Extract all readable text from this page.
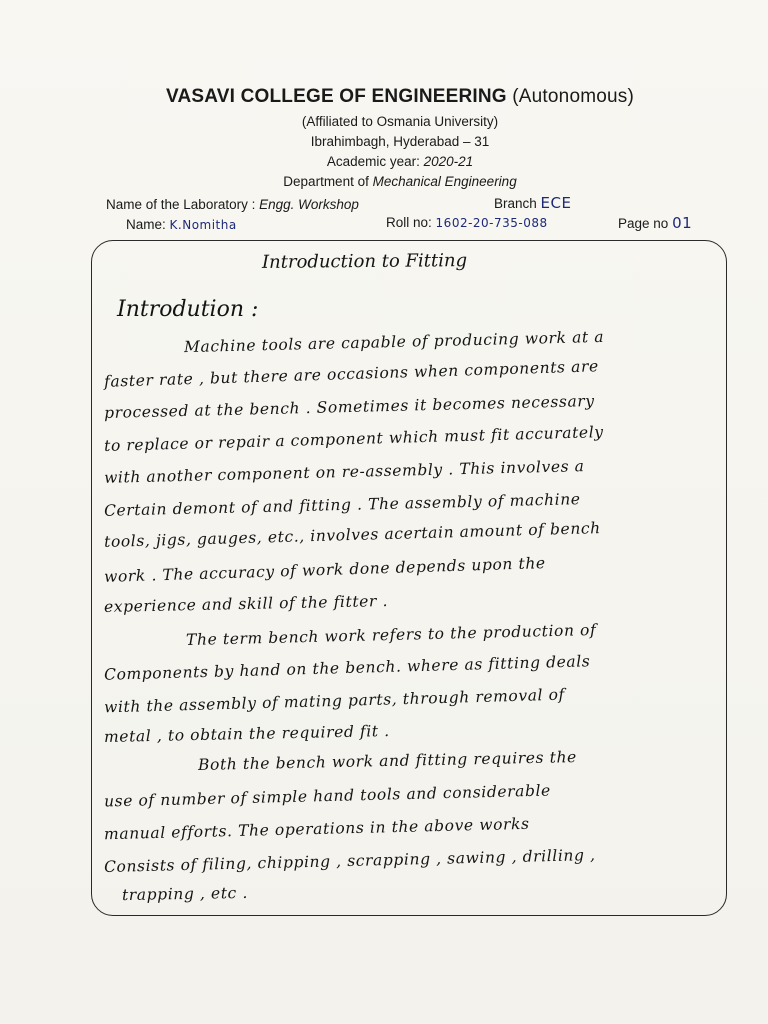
VASAVI COLLEGE OF ENGINEERING (Autonomous)
(Affiliated to Osmania University)
Ibrahimbagh, Hyderabad – 31
Academic year: 2020-21
Department of Mechanical Engineering
Name of the Laboratory : Engg. Workshop	Branch ECE
Name: K.Nomitha	Roll no: 1602-20-735-088	Page no 01
Introduction to Fitting
Introdution :
Machine tools are capable of producing work at a
faster rate , but there are occasions when components are
processed at the bench . Sometimes it becomes necessary
to replace or repair a component which must fit accurately
with another component on re-assembly . This involves a
Certain demont of and fitting . The assembly of machine
tools, jigs, gauges, etc., involves acertain amount of bench
work . The accuracy of work done depends upon the
experience and skill of the fitter .
The term bench work refers to the production of
Components by hand on the bench. where as fitting deals
with the assembly of mating parts, through removal of
metal , to obtain the required fit .
Both the bench work and fitting requires the
use of number of simple hand tools and considerable
manual efforts. The operations in the above works
Consists of filing, chipping , scrapping , sawing , drilling ,
trapping , etc .
